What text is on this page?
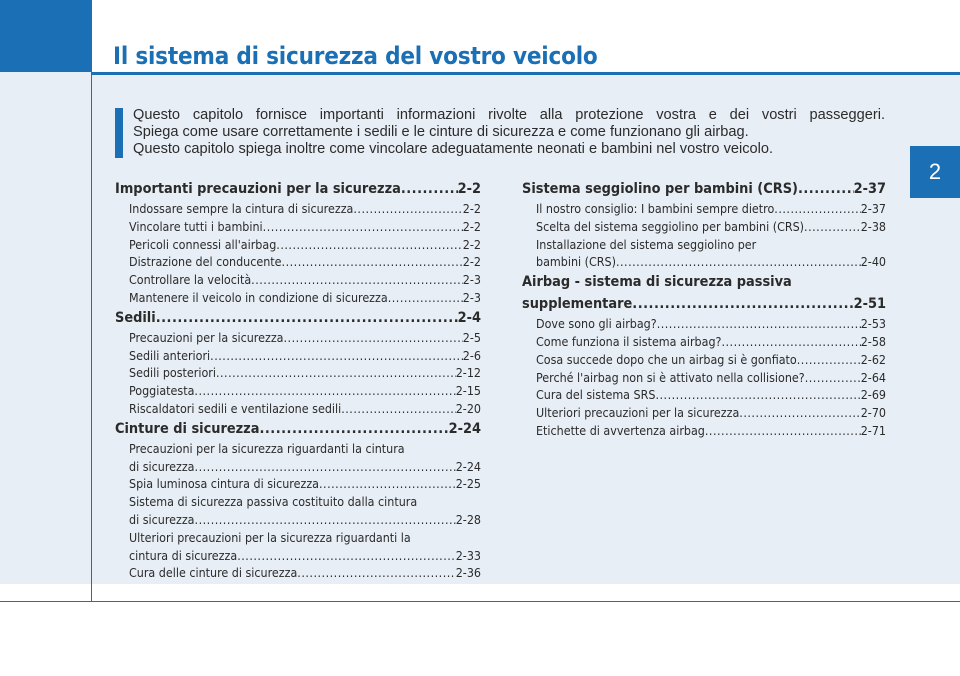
Il sistema di sicurezza del vostro veicolo
2

Questo capitolo fornisce importanti informazioni rivolte alla protezione vostra e dei vostri passeggeri.

Spiega come usare correttamente i sedili e le cinture di sicurezza e come funzionano gli airbag.

Questo capitolo spiega inoltre come vincolare adeguatamente neonati e bambini nel vostro veicolo.

Importanti precauzioni per la sicurezza .....	2-2
Indossare sempre la cintura di sicurezza .....	2-2
Vincolare tutti i bambini .....	2-2
Pericoli connessi all'airbag .....	2-2
Distrazione del conducente .....	2-2
Controllare la velocità .....	2-3
Mantenere il veicolo in condizione di sicurezza .....	2-3
Sedili .....	2-4
Precauzioni per la sicurezza .....	2-5
Sedili anteriori .....	2-6
Sedili posteriori .....	2-12
Poggiatesta .....	2-15
Riscaldatori sedili e ventilazione sedili .....	2-20
Cinture di sicurezza .....	2-24
Precauzioni per la sicurezza riguardanti la cintura
di sicurezza .....	2-24
Spia luminosa cintura di sicurezza .....	2-25
Sistema di sicurezza passiva costituito dalla cintura
di sicurezza .....	2-28
Ulteriori precauzioni per la sicurezza riguardanti la
cintura di sicurezza .....	2-33
Cura delle cinture di sicurezza .....	2-36
Sistema seggiolino per bambini (CRS) .....	2-37
Il nostro consiglio: I bambini sempre dietro .....	2-37
Scelta del sistema seggiolino per bambini (CRS) .....	2-38
Installazione del sistema seggiolino per
bambini (CRS) .....	2-40
Airbag - sistema di sicurezza passiva
supplementare .....	2-51
Dove sono gli airbag? .....	2-53
Come funziona il sistema airbag? .....	2-58
Cosa succede dopo che un airbag si è gonfiato .....	2-62
Perché l'airbag non si è attivato nella collisione? .....	2-64
Cura del sistema SRS .....	2-69
Ulteriori precauzioni per la sicurezza .....	2-70
Etichette di avvertenza airbag .....	2-71
